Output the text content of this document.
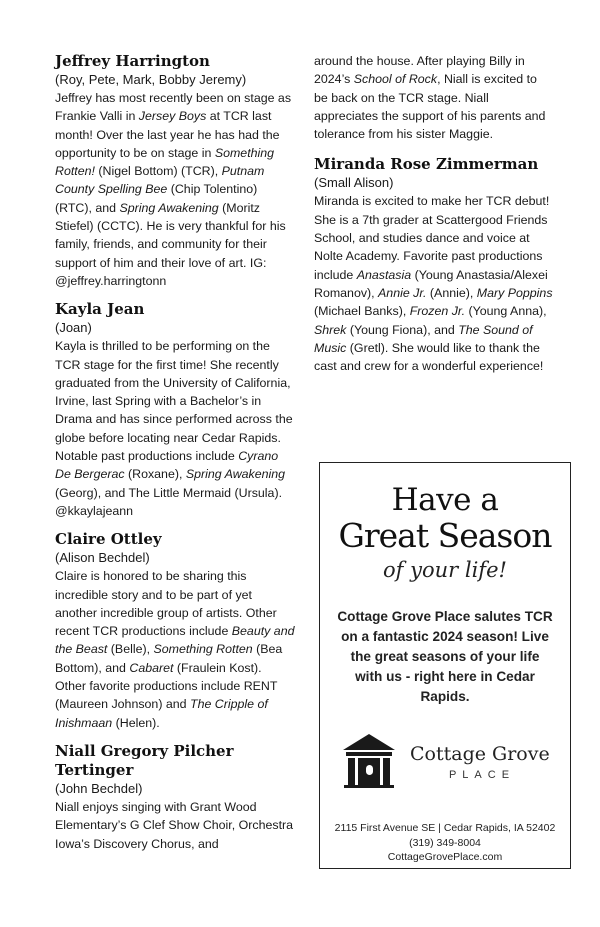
Jeffrey Harrington

(Roy, Pete, Mark, Bobby Jeremy)

Jeffrey has most recently been on stage as Frankie Valli in Jersey Boys at TCR last month! Over the last year he has had the opportunity to be on stage in Something Rotten! (Nigel Bottom) (TCR), Putnam County Spelling Bee (Chip Tolentino) (RTC), and Spring Awakening (Moritz Stiefel) (CCTC). He is very thankful for his family, friends, and community for their support of him and their love of art. IG: @jeffrey.harringtonn

Kayla Jean

(Joan)

Kayla is thrilled to be performing on the TCR stage for the first time! She recently graduated from the University of California, Irvine, last Spring with a Bachelor’s in Drama and has since performed across the globe before locating near Cedar Rapids. Notable past productions include Cyrano De Bergerac (Roxane), Spring Awakening (Georg), and The Little Mermaid (Ursula). @kkaylajeann

Claire Ottley

(Alison Bechdel)

Claire is honored to be sharing this incredible story and to be part of yet another incredible group of artists. Other recent TCR productions include Beauty and the Beast (Belle), Something Rotten (Bea Bottom), and Cabaret (Fraulein Kost). Other favorite productions include RENT (Maureen Johnson) and The Cripple of Inishmaan (Helen).

Niall Gregory Pilcher Tertinger

(John Bechdel)

Niall enjoys singing with Grant Wood Elementary’s G Clef Show Choir, Orchestra Iowa’s Discovery Chorus, and

around the house. After playing Billy in 2024’s School of Rock, Niall is excited to be back on the TCR stage. Niall appreciates the support of his parents and tolerance from his sister Maggie.

Miranda Rose Zimmerman

(Small Alison)

Miranda is excited to make her TCR debut! She is a 7th grader at Scattergood Friends School, and studies dance and voice at Nolte Academy. Favorite past productions include Anastasia (Young Anastasia/Alexei Romanov), Annie Jr. (Annie), Mary Poppins (Michael Banks), Frozen Jr. (Young Anna), Shrek (Young Fiona), and The Sound of Music (Gretl). She would like to thank the cast and crew for a wonderful experience!

Have a

Great Season

of your life!

Cottage Grove Place salutes TCR on a fantastic 2024 season! Live the great seasons of your life with us - right here in Cedar Rapids.

Cottage Grove
PLACE
2115 First Avenue SE | Cedar Rapids, IA 52402
(319) 349-8004
CottageGrovePlace.com
